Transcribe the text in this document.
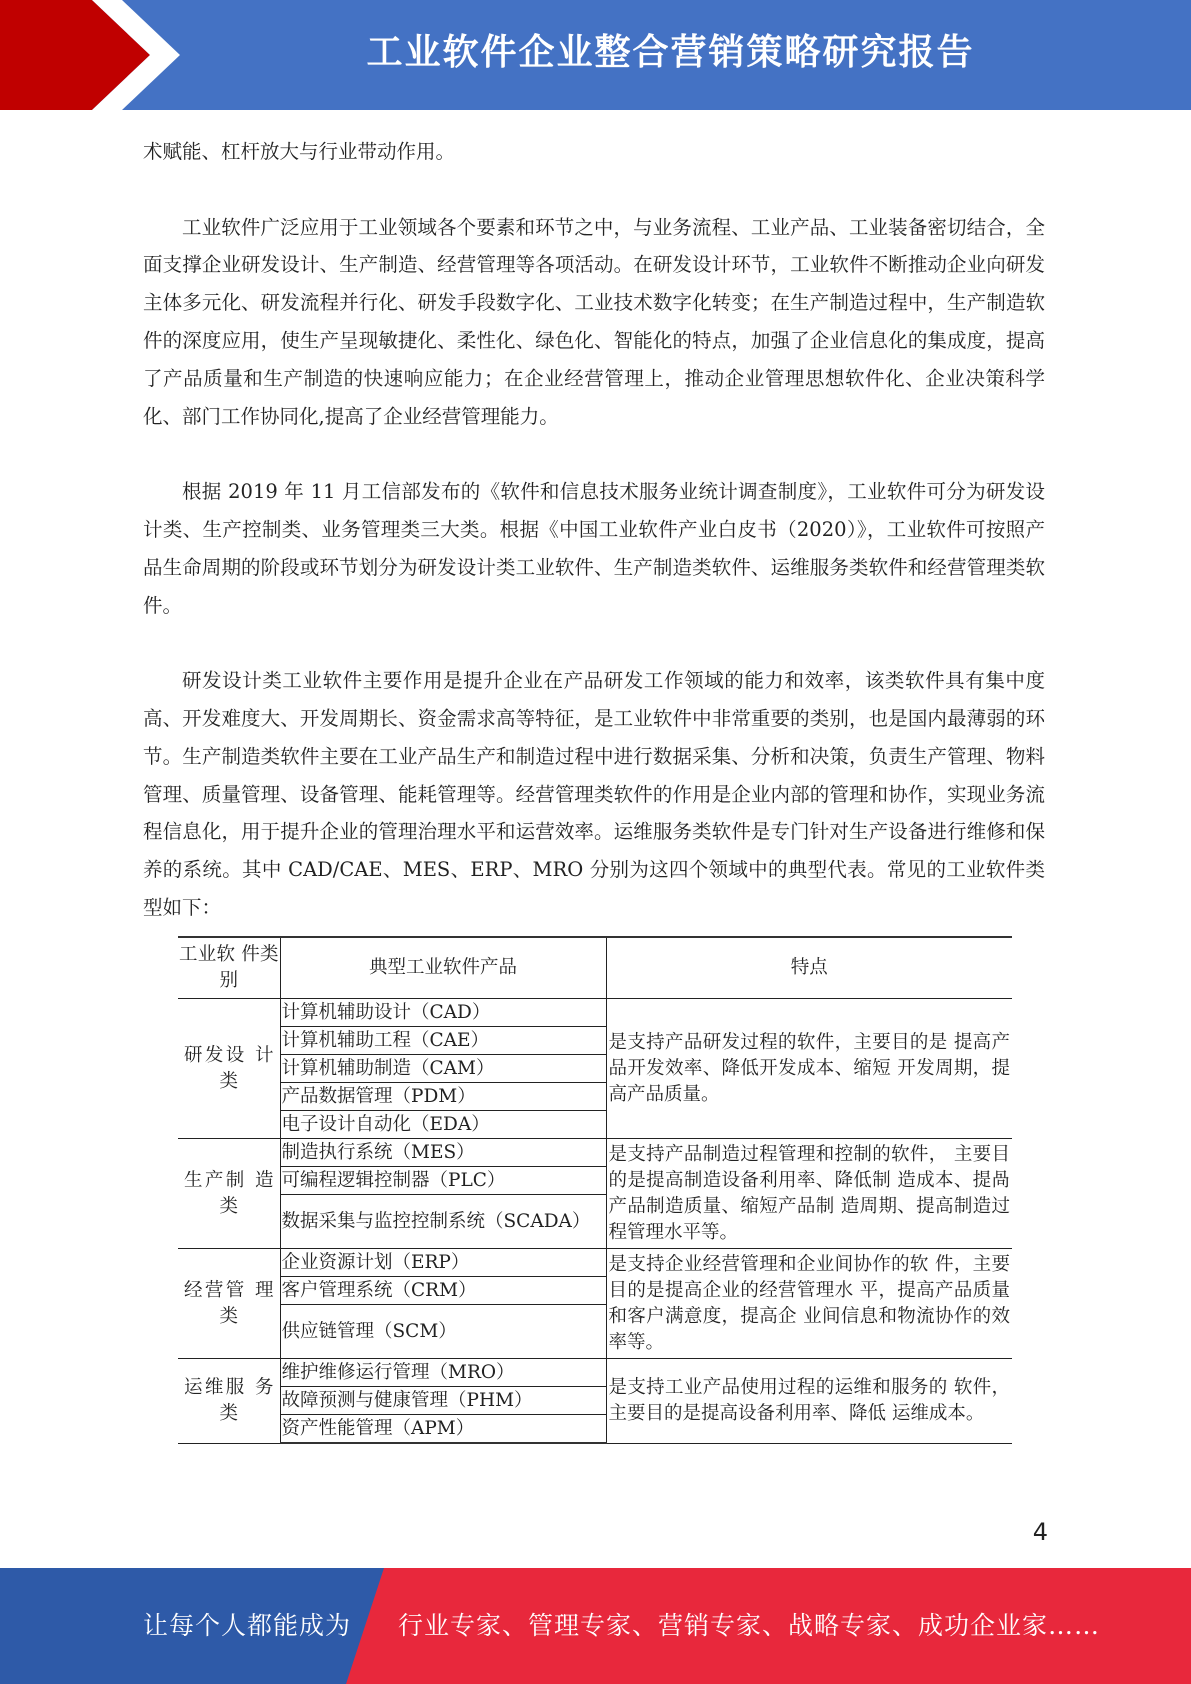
工业软件企业整合营销策略研究报告

术赋能、杠杆放大与行业带动作用。

工业软件广泛应用于工业领域各个要素和环节之中，与业务流程、工业产品、工业装备密切结合，全面支撑企业研发设计、生产制造、经营管理等各项活动。在研发设计环节，工业软件不断推动企业向研发主体多元化、研发流程并行化、研发手段数字化、工业技术数字化转变；在生产制造过程中，生产制造软件的深度应用，使生产呈现敏捷化、柔性化、绿色化、智能化的特点，加强了企业信息化的集成度，提高了产品质量和生产制造的快速响应能力；在企业经营管理上，推动企业管理思想软件化、企业决策科学化、部门工作协同化,提高了企业经营管理能力。

根据 2019 年 11 月工信部发布的《软件和信息技术服务业统计调查制度》，工业软件可分为研发设计类、生产控制类、业务管理类三大类。根据《中国工业软件产业白皮书（2020）》，工业软件可按照产品生命周期的阶段或环节划分为研发设计类工业软件、生产制造类软件、运维服务类软件和经营管理类软件。

研发设计类工业软件主要作用是提升企业在产品研发工作领域的能力和效率，该类软件具有集中度高、开发难度大、开发周期长、资金需求高等特征，是工业软件中非常重要的类别，也是国内最薄弱的环节。生产制造类软件主要在工业产品生产和制造过程中进行数据采集、分析和决策，负责生产管理、物料管理、质量管理、设备管理、能耗管理等。经营管理类软件的作用是企业内部的管理和协作，实现业务流程信息化，用于提升企业的管理治理水平和运营效率。运维服务类软件是专门针对生产设备进行维修和保养的系统。其中 CAD/CAE、MES、ERP、MRO 分别为这四个领域中的典型代表。常见的工业软件类型如下：

工业软 件类别	典型工业软件产品	特点

研发设 计类	计算机辅助设计（CAD）	是支持产品研发过程的软件，主要目的是 提高产品开发效率、降低开发成本、缩短 开发周期，提高产品质量。
	计算机辅助工程（CAE）	
	计算机辅助制造（CAM）	
	产品数据管理（PDM）	
	电子设计自动化（EDA）	

生产制 造类	制造执行系统（MES）	是支持产品制造过程管理和控制的软件， 主要目的是提高制造设备利用率、降低制 造成本、提咼产品制造质量、缩短产品制 造周期、提高制造过程管理水平等。
	可编程逻辑控制器（PLC）	
	数据采集与监控控制系统（SCADA）	

经营管 理类	企业资源计划（ERP）	是支持企业经营管理和企业间协作的软 件，主要目的是提高企业的经营管理水 平，提高产品质量和客户满意度，提高企 业间信息和物流协作的效率等。
	客户管理系统（CRM）	
	供应链管理（SCM）	

运维服 务类	维护维修运行管理（MRO）	是支持工业产品使用过程的运维和服务的 软件，主要目的是提高设备利用率、降低 运维成本。
	故障预测与健康管理（PHM）	
	资产性能管理（APM）	
4
让每个人都能成为 行业专家、管理专家、营销专家、战略专家、成功企业家……
